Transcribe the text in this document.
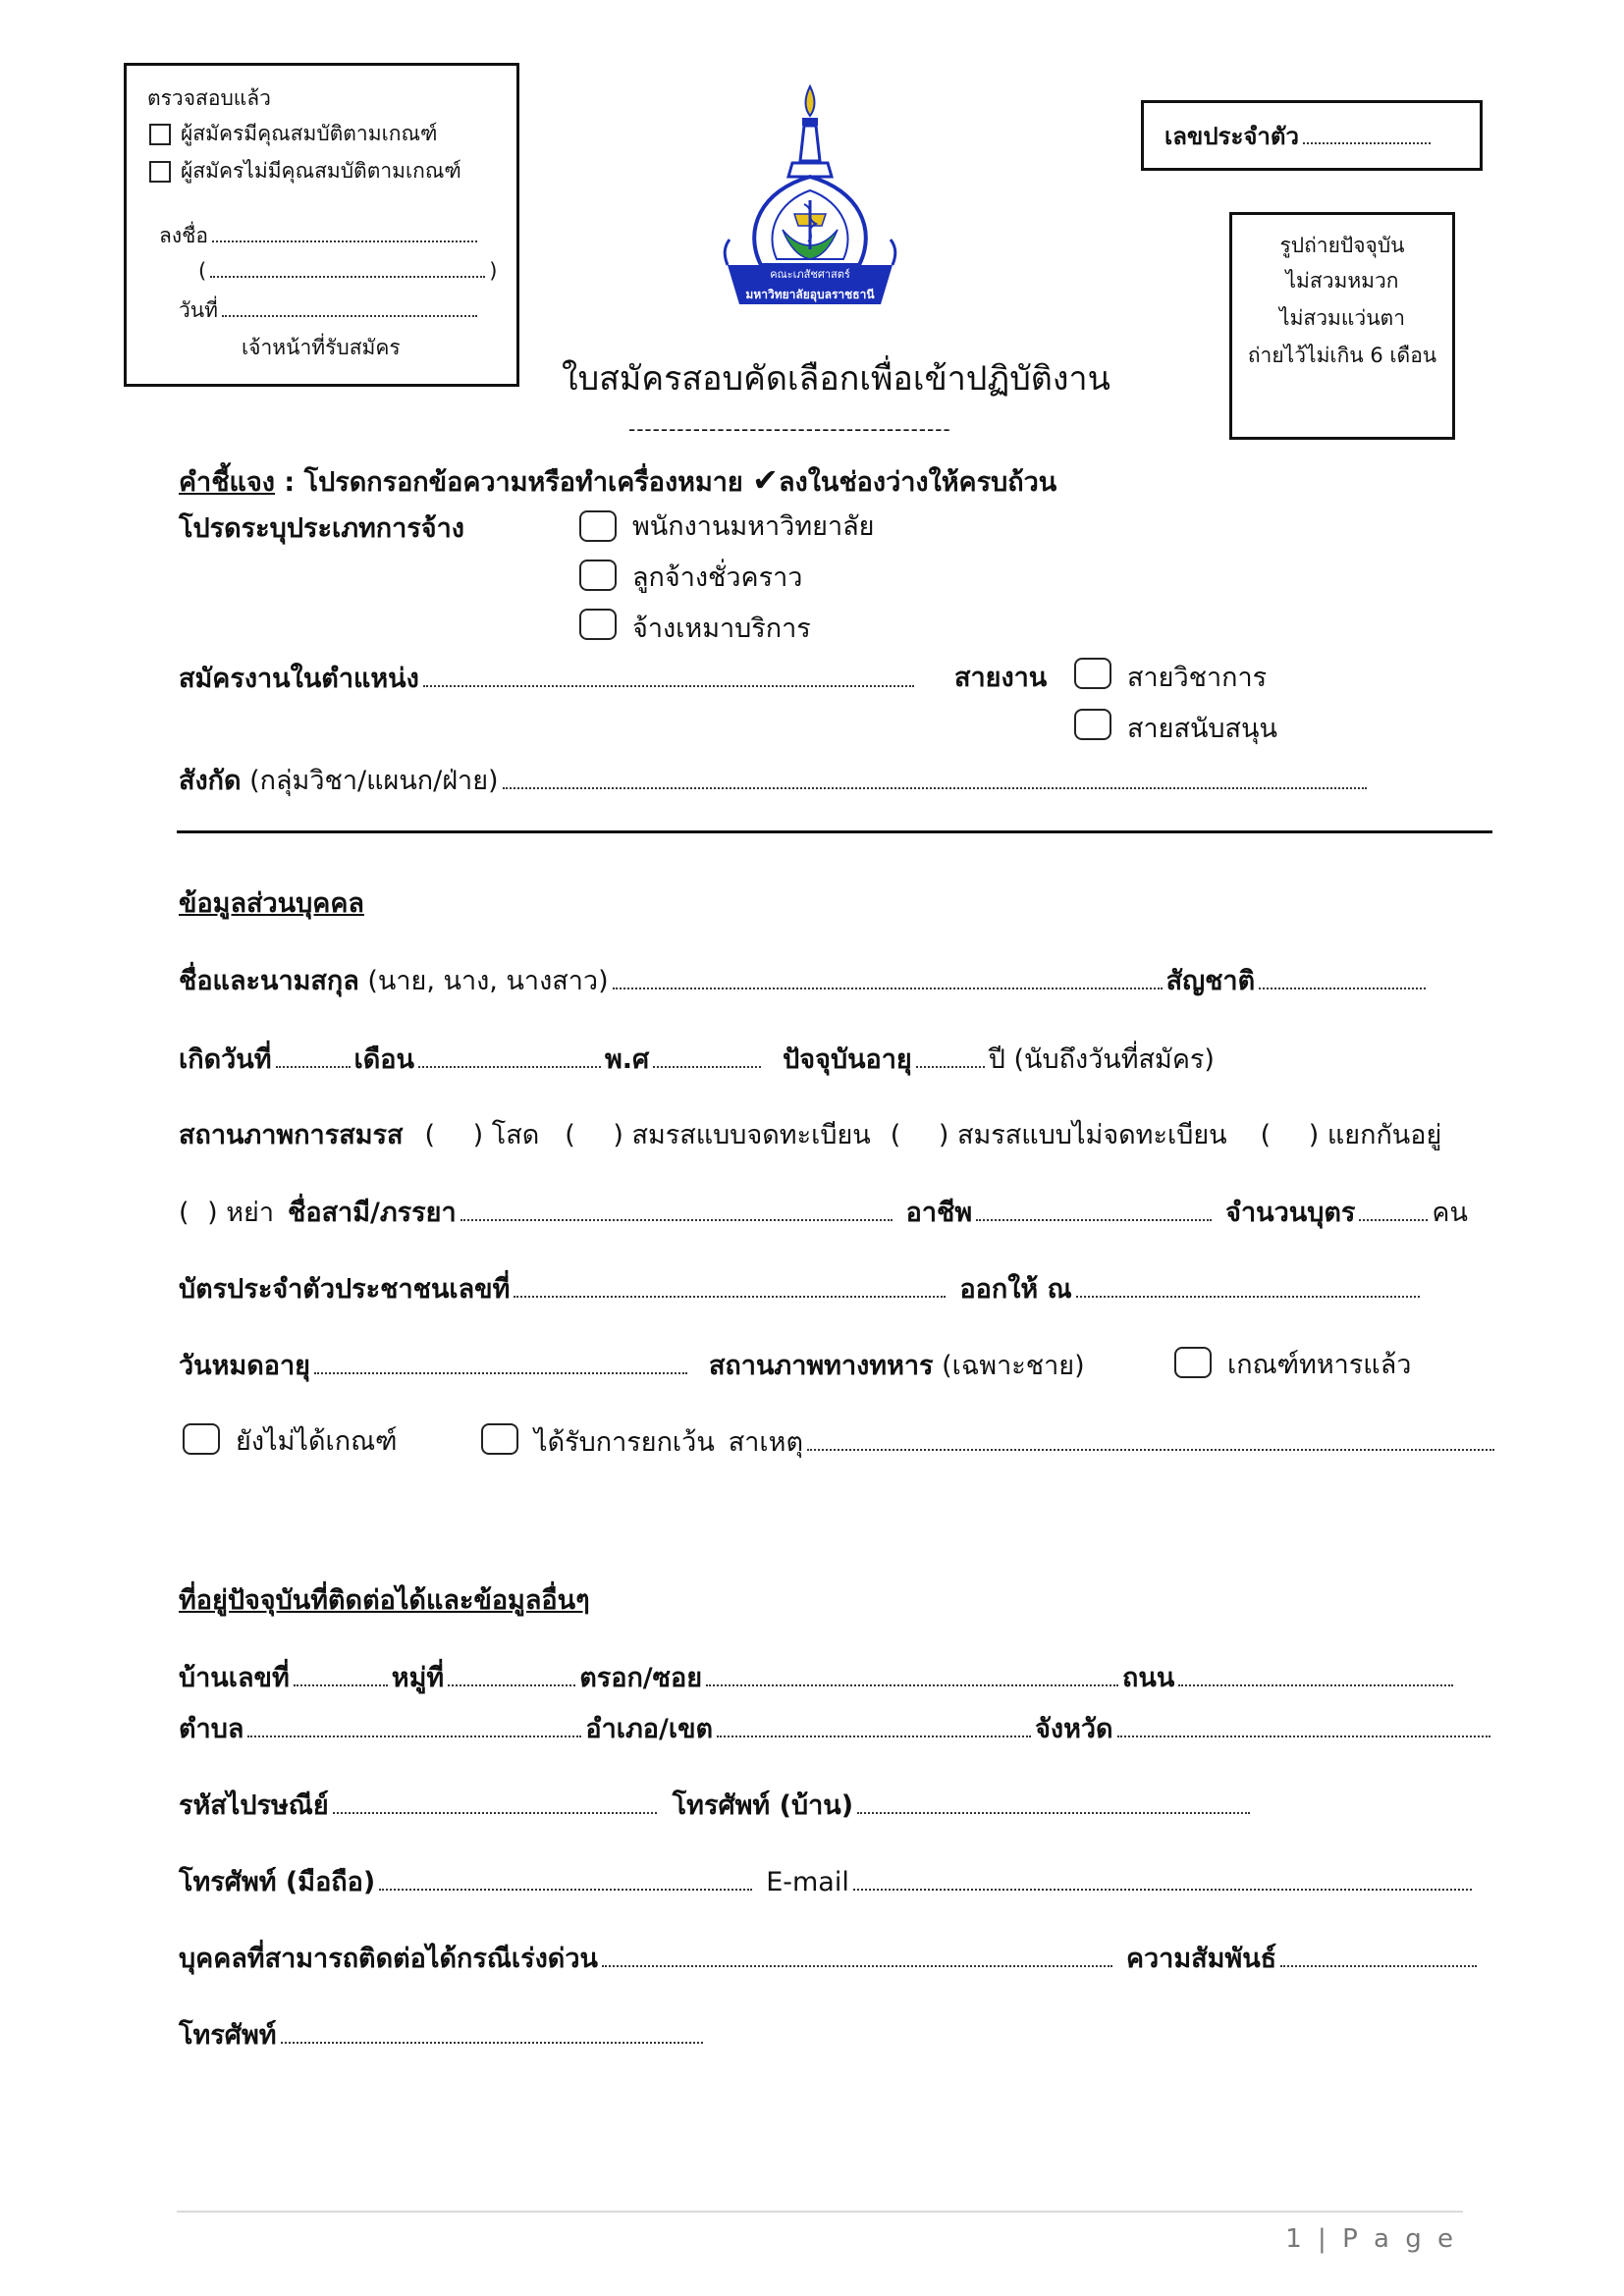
ตรวจสอบแล้ว
ผู้สมัครมีคุณสมบัติตามเกณฑ์
ผู้สมัครไม่มีคุณสมบัติตามเกณฑ์
ลงชื่อ
(	)
วันที่
เจ้าหน้าที่รับสมัคร
คณะเภสัชศาสตร์
มหาวิทยาลัยอุบลราชธานี
เลขประจำตัว
รูปถ่ายปัจจุบัน
ไม่สวมหมวก
ไม่สวมแว่นตา
ถ่ายไว้ไม่เกิน 6 เดือน
ใบสมัครสอบคัดเลือกเพื่อเข้าปฏิบัติงาน
----------------------------------------
คำชี้แจง : โปรดกรอกข้อความหรือทำเครื่องหมาย ✔ลงในช่องว่างให้ครบถ้วน
โปรดระบุประเภทการจ้าง	พนักงานมหาวิทยาลัย
ลูกจ้างชั่วคราว
จ้างเหมาบริการ
สมัครงานในตำแหน่ง	สายงาน	สายวิชาการ
สายสนับสนุน
สังกัด (กลุ่มวิชา/แผนก/ฝ่าย)
ข้อมูลส่วนบุคคล
ชื่อและนามสกุล (นาย, นาง, นางสาว)	สัญชาติ
เกิดวันที่	เดือน	พ.ศ	ปัจจุบันอายุ	ปี (นับถึงวันที่สมัคร)
สถานภาพการสมรส ( ) โสด ( ) สมรสแบบจดทะเบียน ( ) สมรสแบบไม่จดทะเบียน ( ) แยกกันอยู่
( ) หย่า ชื่อสามี/ภรรยา	อาชีพ	จำนวนบุตร	คน
บัตรประจำตัวประชาชนเลขที่	ออกให้ ณ
วันหมดอายุ	สถานภาพทางทหาร (เฉพาะชาย)	เกณฑ์ทหารแล้ว
ยังไม่ได้เกณฑ์	ได้รับการยกเว้น สาเหตุ
ที่อยู่ปัจจุบันที่ติดต่อได้และข้อมูลอื่นๆ
บ้านเลขที่	หมู่ที่	ตรอก/ซอย	ถนน
ตำบล	อำเภอ/เขต	จังหวัด
รหัสไปรษณีย์	โทรศัพท์ (บ้าน)
โทรศัพท์ (มือถือ)	E-mail
บุคคลที่สามารถติดต่อได้กรณีเร่งด่วน	ความสัมพันธ์
โทรศัพท์
1 | P a g e
